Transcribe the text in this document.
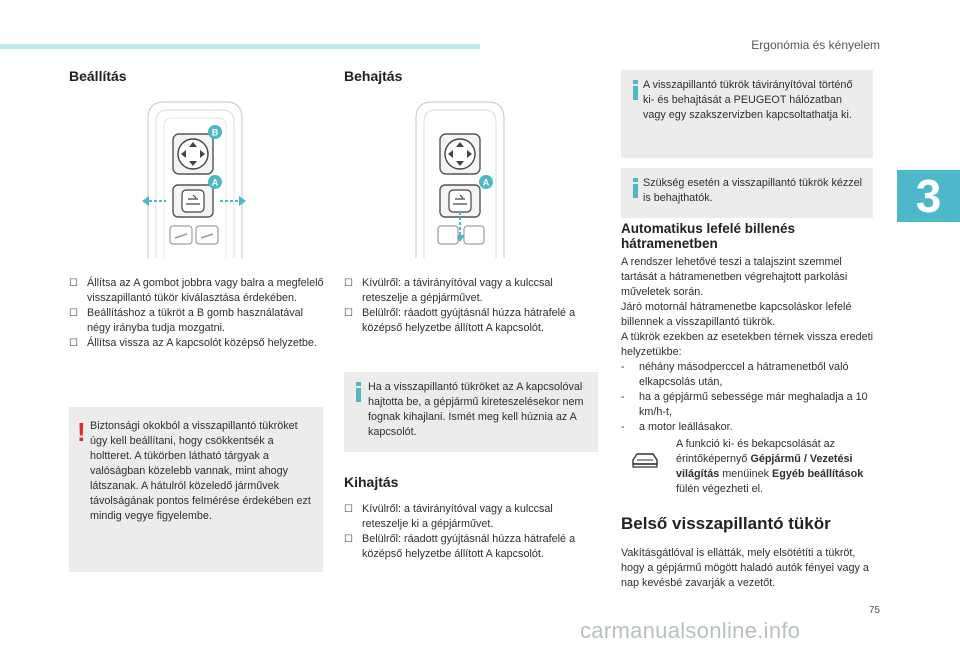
Ergonómia és kényelem
3
Beállítás
B
A

☐ Állítsa az A gombot jobbra vagy balra a megfelelő visszapillantó tükör kiválasztása érdekében.

☐ Beállításhoz a tükröt a B gomb használatával négy irányba tudja mozgatni.

☐ Állítsa vissza az A kapcsolót középső helyzetbe.

! Biztonsági okokból a visszapillantó tükröket úgy kell beállítani, hogy csökkentsék a holtteret. A tükörben látható tárgyak a valóságban közelebb vannak, mint ahogy látszanak. A hátulról közeledő járművek távolságának pontos felmérése érdekében ezt mindig vegye figyelembe.
Behajtás
A

☐ Kívülről: a távirányítóval vagy a kulccsal reteszelje a gépjárművet.

☐ Belülről: ráadott gyújtásnál húzza hátrafelé a középső helyzetbe állított A kapcsolót.

Ha a visszapillantó tükröket az A kapcsolóval hajtotta be, a gépjármű kireteszelésekor nem fognak kihajlani. Ismét meg kell húznia az A kapcsolót.
Kihajtás

☐ Kívülről: a távirányítóval vagy a kulccsal reteszelje ki a gépjárművet.

☐ Belülről: ráadott gyújtásnál húzza hátrafelé a középső helyzetbe állított A kapcsolót.

A visszapillantó tükrök távirányítóval történő ki- és behajtását a PEUGEOT hálózatban vagy egy szakszervizben kapcsoltathatja ki.
Szükség esetén a visszapillantó tükrök kézzel is behajthatók.
Automatikus lefelé billenés hátramenetben
A rendszer lehetővé teszi a talajszint szemmel tartását a hátramenetben végrehajtott parkolási műveletek során.
Járó motornál hátramenetbe kapcsoláskor lefelé billennek a visszapillantó tükrök.
A tükrök ezekben az esetekben térnek vissza eredeti helyzetükbe:

- néhány másodperccel a hátramenetből való elkapcsolás után,

- ha a gépjármű sebessége már meghaladja a 10 km/h-t,

- a motor leállásakor.

A funkció ki- és bekapcsolását az érintőképernyő Gépjármű / Vezetési világítás menüinek Egyéb beállítások fülén végezheti el.
Belső visszapillantó tükör
Vakításgátlóval is ellátták, mely elsötétíti a tükröt, hogy a gépjármű mögött haladó autók fényei vagy a nap kevésbé zavarják a vezetőt.
75
carmanualsonline.info
